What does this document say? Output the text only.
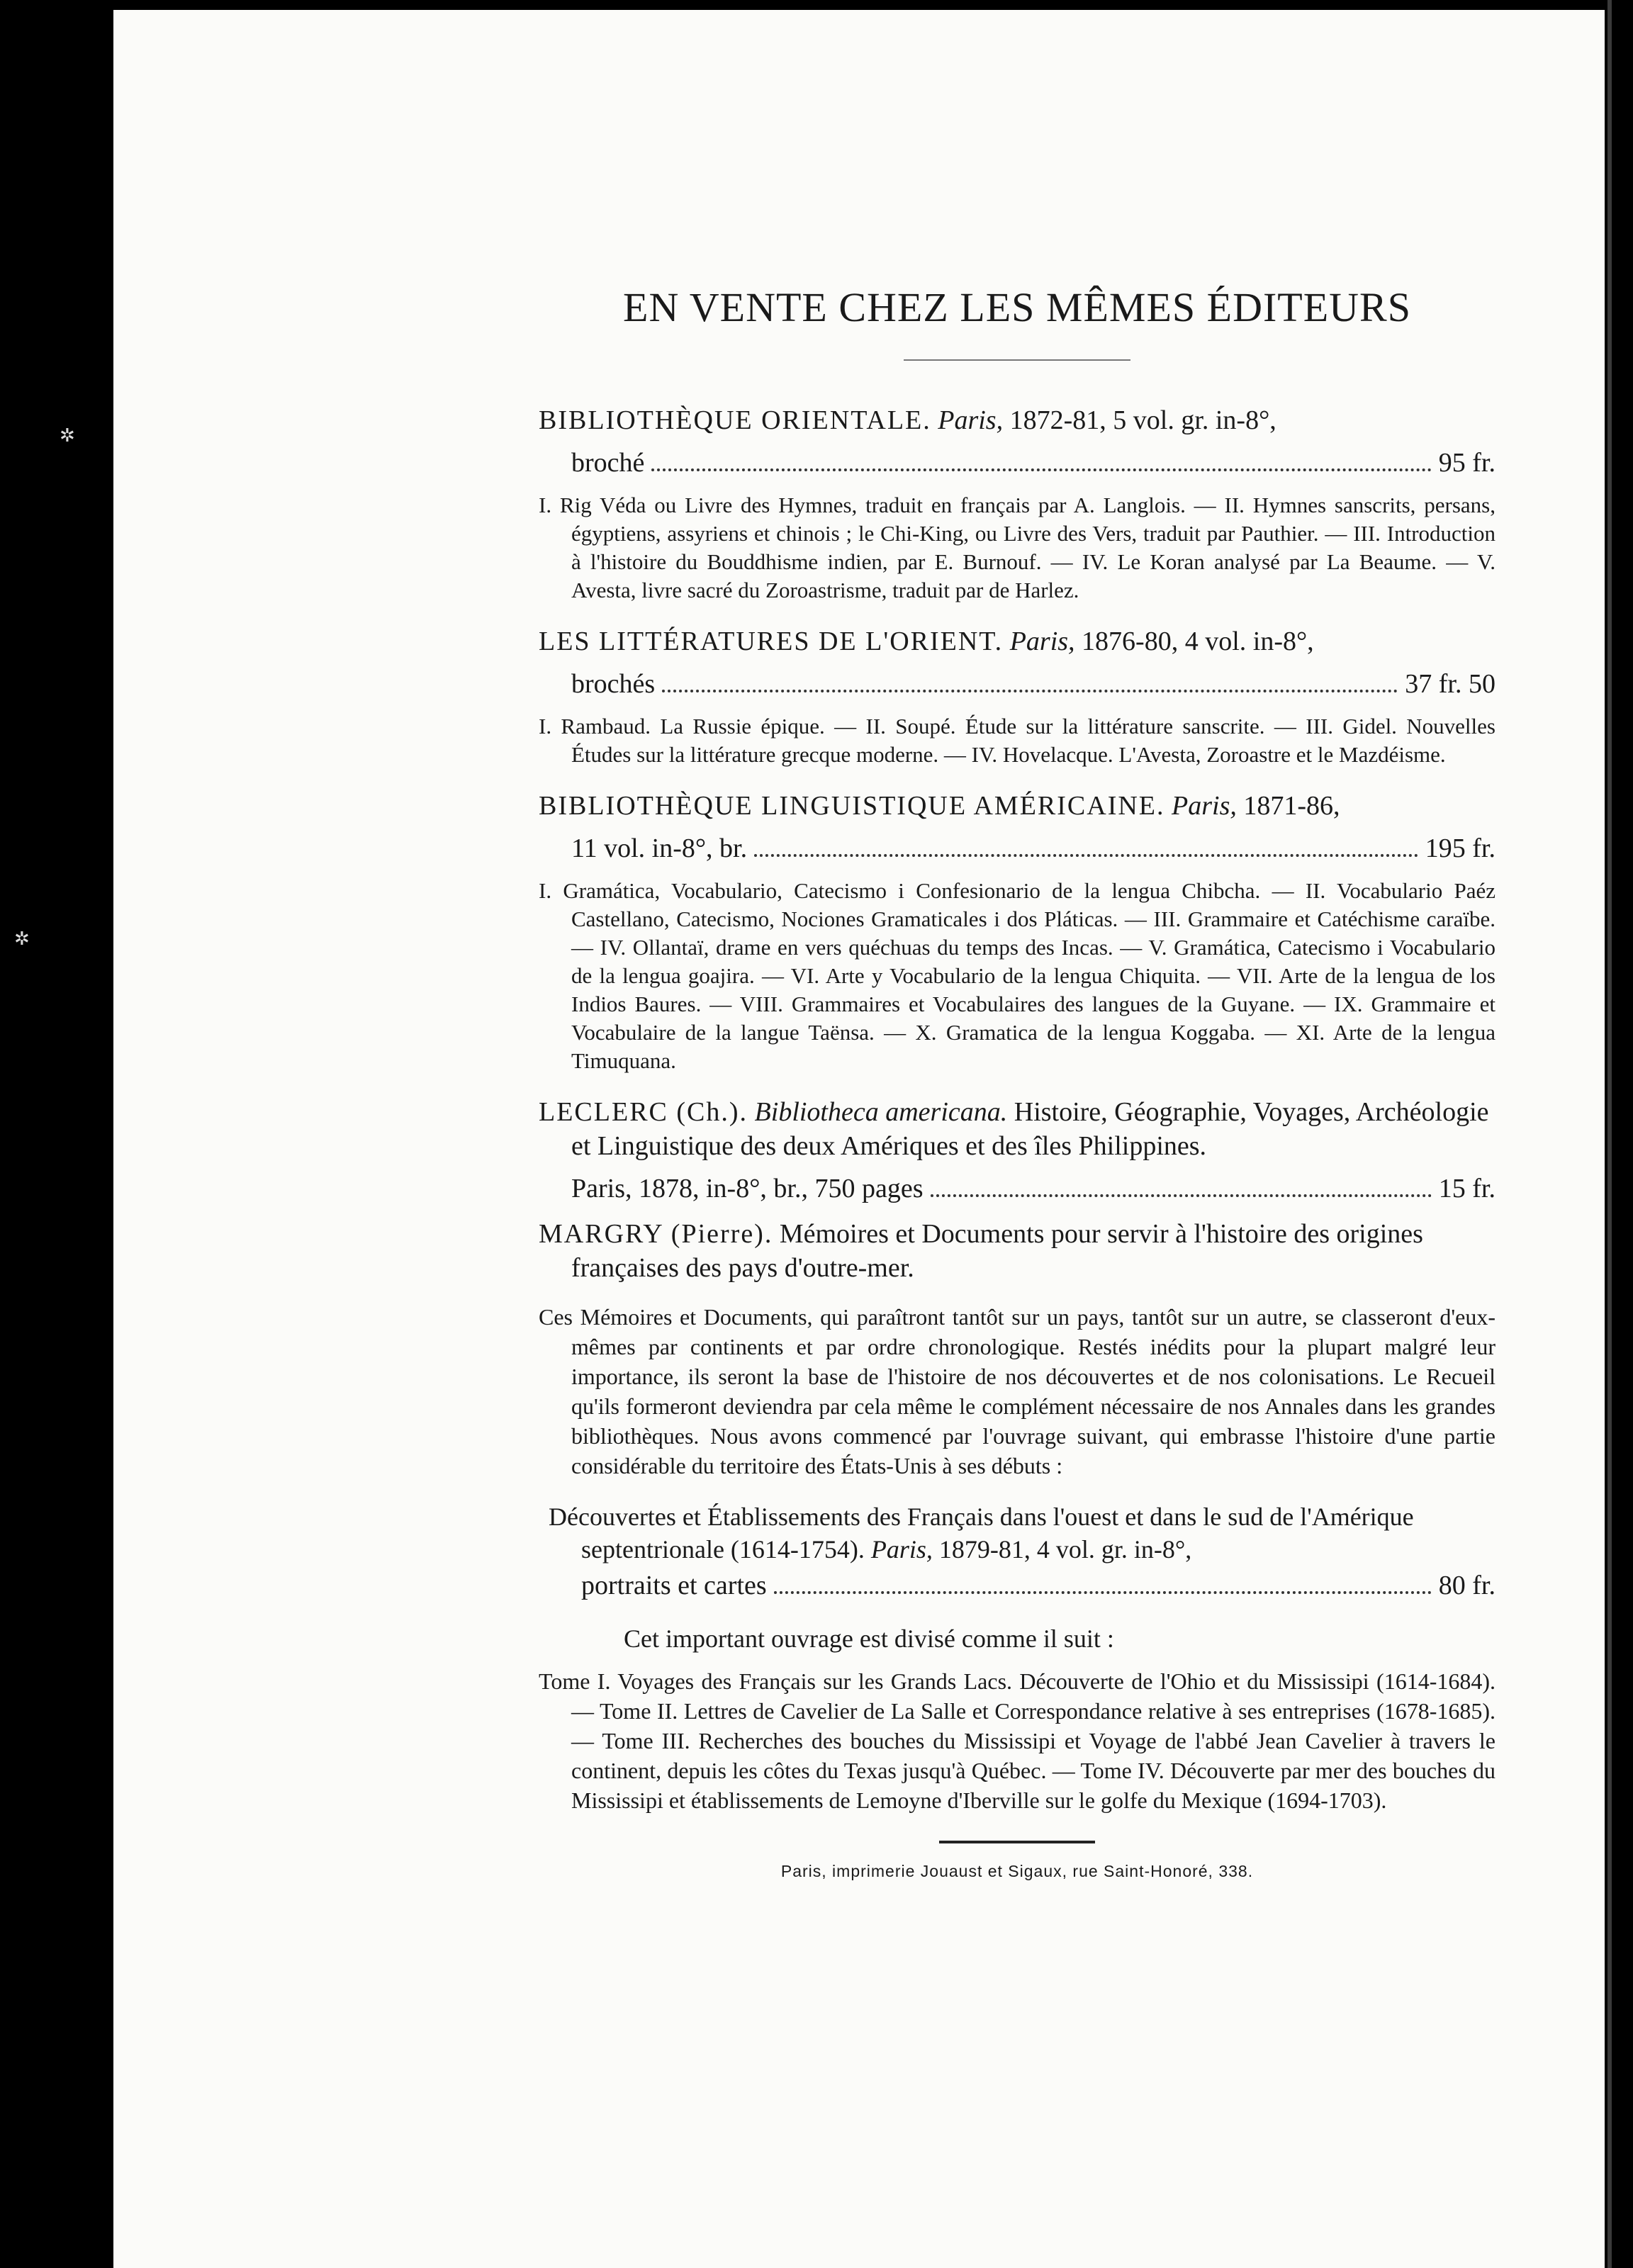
✲
✲
EN VENTE CHEZ LES MÊMES ÉDITEURS
BIBLIOTHÈQUE ORIENTALE. Paris, 1872-81, 5 vol. gr. in-8°,
broché	95 fr.

I. Rig Véda ou Livre des Hymnes, traduit en français par A. Langlois. — II. Hymnes sanscrits, persans, égyptiens, assyriens et chinois ; le Chi-King, ou Livre des Vers, traduit par Pauthier. — III. Introduction à l'histoire du Bouddhisme indien, par E. Burnouf. — IV. Le Koran analysé par La Beaume. — V. Avesta, livre sacré du Zoroastrisme, traduit par de Harlez.

LES LITTÉRATURES DE L'ORIENT. Paris, 1876-80, 4 vol. in-8°,
brochés	37 fr. 50

I. Rambaud. La Russie épique. — II. Soupé. Étude sur la littérature sanscrite. — III. Gidel. Nouvelles Études sur la littérature grecque moderne. — IV. Hovelacque. L'Avesta, Zoroastre et le Mazdéisme.

BIBLIOTHÈQUE LINGUISTIQUE AMÉRICAINE. Paris, 1871-86,
11 vol. in-8°, br.	195 fr.

I. Gramática, Vocabulario, Catecismo i Confesionario de la lengua Chibcha. — II. Vocabulario Paéz Castellano, Catecismo, Nociones Gramaticales i dos Pláticas. — III. Grammaire et Catéchisme caraïbe. — IV. Ollantaï, drame en vers quéchuas du temps des Incas. — V. Gramática, Catecismo i Vocabulario de la lengua goajira. — VI. Arte y Vocabulario de la lengua Chiquita. — VII. Arte de la lengua de los Indios Baures. — VIII. Grammaires et Vocabulaires des langues de la Guyane. — IX. Grammaire et Vocabulaire de la langue Taënsa. — X. Gramatica de la lengua Koggaba. — XI. Arte de la lengua Timuquana.

LECLERC (Ch.). Bibliotheca americana. Histoire, Géographie, Voyages, Archéologie et Linguistique des deux Amériques et des îles Philippines.
Paris, 1878, in-8°, br., 750 pages	15 fr.
MARGRY (Pierre). Mémoires et Documents pour servir à l'histoire des origines françaises des pays d'outre-mer.

Ces Mémoires et Documents, qui paraîtront tantôt sur un pays, tantôt sur un autre, se classeront d'eux-mêmes par continents et par ordre chronologique. Restés inédits pour la plupart malgré leur importance, ils seront la base de l'histoire de nos découvertes et de nos colonisations. Le Recueil qu'ils formeront deviendra par cela même le complément nécessaire de nos Annales dans les grandes bibliothèques. Nous avons commencé par l'ouvrage suivant, qui embrasse l'histoire d'une partie considérable du territoire des États-Unis à ses débuts :

Découvertes et Établissements des Français dans l'ouest et dans le sud de l'Amérique septentrionale (1614-1754). Paris, 1879-81, 4 vol. gr. in-8°,
portraits et cartes	80 fr.

Cet important ouvrage est divisé comme il suit :

Tome I. Voyages des Français sur les Grands Lacs. Découverte de l'Ohio et du Mississipi (1614-1684). — Tome II. Lettres de Cavelier de La Salle et Correspondance relative à ses entreprises (1678-1685). — Tome III. Recherches des bouches du Mississipi et Voyage de l'abbé Jean Cavelier à travers le continent, depuis les côtes du Texas jusqu'à Québec. — Tome IV. Découverte par mer des bouches du Mississipi et établissements de Lemoyne d'Iberville sur le golfe du Mexique (1694-1703).

Paris, imprimerie Jouaust et Sigaux, rue Saint-Honoré, 338.
